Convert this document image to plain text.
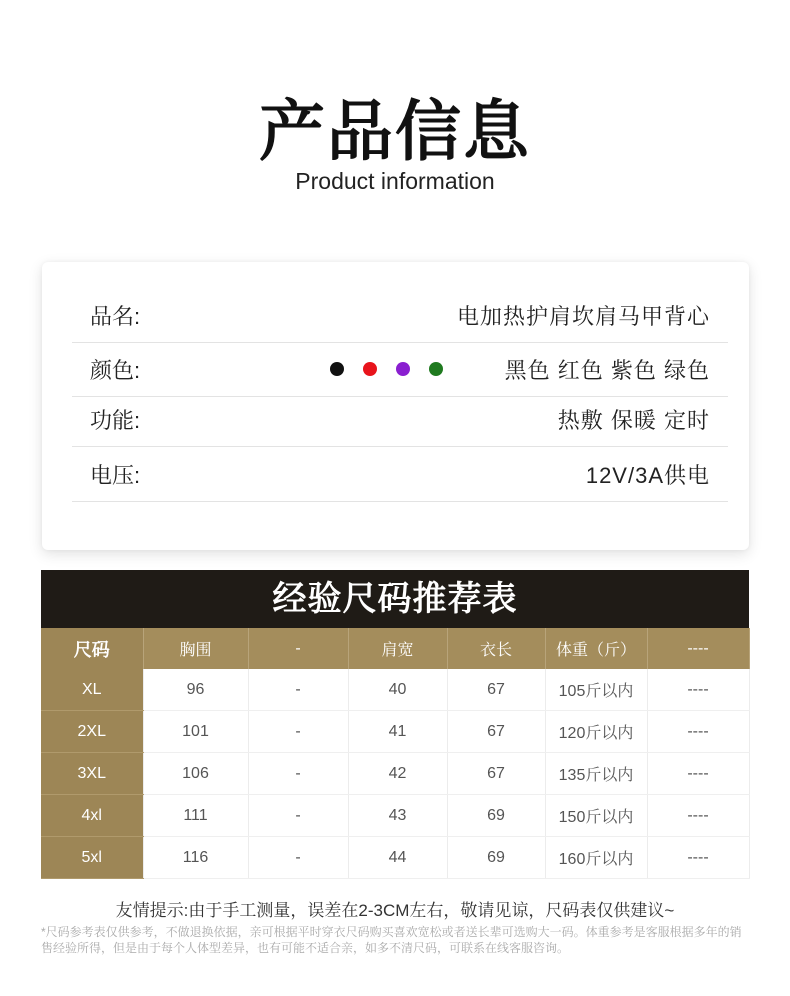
产品信息
Product information
品名:	电加热护肩坎肩马甲背心
颜色:	黑色 红色 紫色 绿色
功能:	热敷 保暖 定时
电压:	12V/3A供电
经验尺码推荐表
尺码	胸围	-	肩宽	衣长	体重（斤）	----
XL	96	-	40	67	105斤以内	----
2XL	101	-	41	67	120斤以内	----
3XL	106	-	42	67	135斤以内	----
4xl	111	-	43	69	150斤以内	----
5xl	116	-	44	69	160斤以内	----
友情提示:由于手工测量，误差在2-3CM左右，敬请见谅，尺码表仅供建议~
*尺码参考表仅供参考，不做退换依据，亲可根据平时穿衣尺码购买喜欢宽松或者送长辈可选购大一码。体重参考是客服根据多年的销售经验所得，但是由于每个人体型差异，也有可能不适合亲，如多不清尺码，可联系在线客服咨询。
